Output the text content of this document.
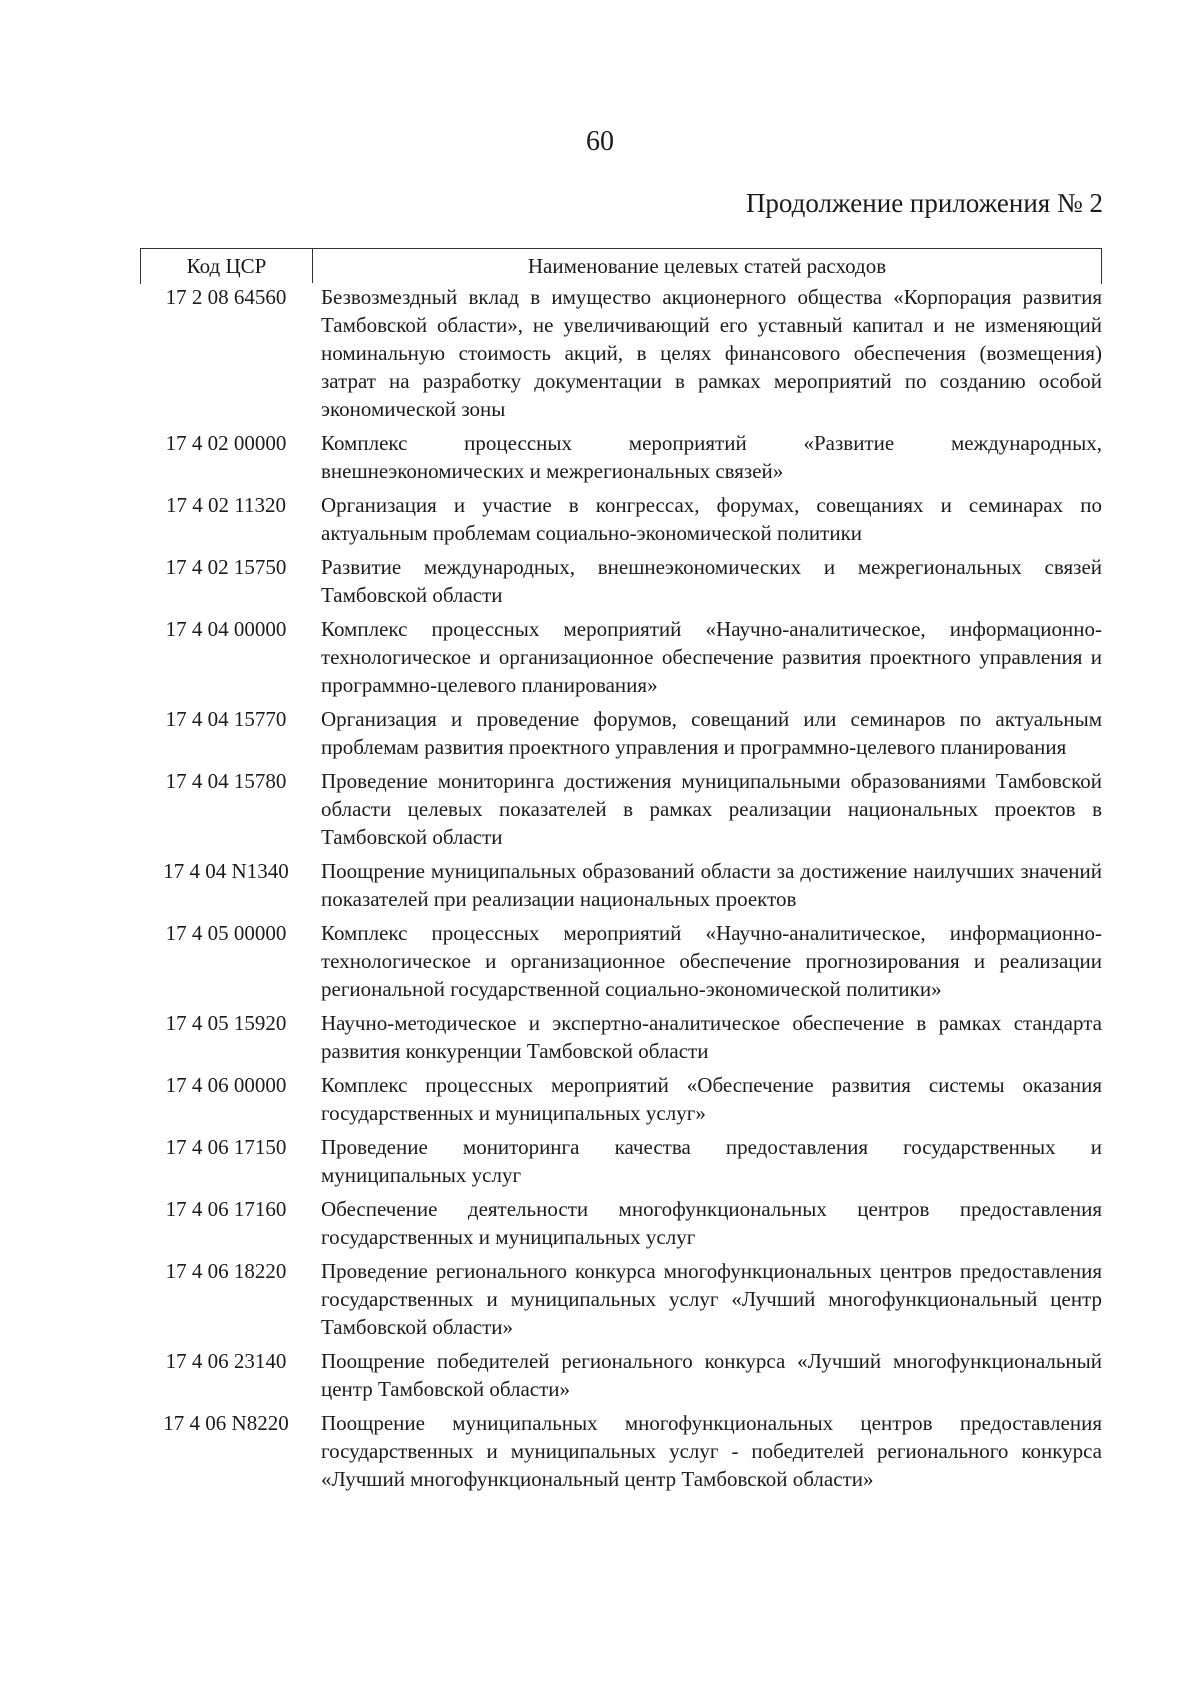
60
Продолжение приложения № 2
Код ЦСР	Наименование целевых статей расходов
17 2 08 64560	Безвозмездный вклад в имущество акционерного общества «Корпорация развития Тамбовской области», не увеличивающий его уставный капитал и не изменяющий номинальную стоимость акций, в целях финансового обеспечения (возмещения) затрат на разработку документации в рамках мероприятий по созданию особой экономической зоны
17 4 02 00000	Комплекс процессных мероприятий «Развитие международных, внешнеэкономических и межрегиональных связей»
17 4 02 11320	Организация и участие в конгрессах, форумах, совещаниях и семинарах по актуальным проблемам социально-экономической политики
17 4 02 15750	Развитие международных, внешнеэкономических и межрегиональных связей Тамбовской области
17 4 04 00000	Комплекс процессных мероприятий «Научно-аналитическое, информационно-технологическое и организационное обеспечение развития проектного управления и программно-целевого планирования»
17 4 04 15770	Организация и проведение форумов, совещаний или семинаров по актуальным проблемам развития проектного управления и программно-целевого планирования
17 4 04 15780	Проведение мониторинга достижения муниципальными образованиями Тамбовской области целевых показателей в рамках реализации национальных проектов в Тамбовской области
17 4 04 N1340	Поощрение муниципальных образований области за достижение наилучших значений показателей при реализации национальных проектов
17 4 05 00000	Комплекс процессных мероприятий «Научно-аналитическое, информационно-технологическое и организационное обеспечение прогнозирования и реализации региональной государственной социально-экономической политики»
17 4 05 15920	Научно-методическое и экспертно-аналитическое обеспечение в рамках стандарта развития конкуренции Тамбовской области
17 4 06 00000	Комплекс процессных мероприятий «Обеспечение развития системы оказания государственных и муниципальных услуг»
17 4 06 17150	Проведение мониторинга качества предоставления государственных и муниципальных услуг
17 4 06 17160	Обеспечение деятельности многофункциональных центров предоставления государственных и муниципальных услуг
17 4 06 18220	Проведение регионального конкурса многофункциональных центров предоставления государственных и муниципальных услуг «Лучший многофункциональный центр Тамбовской области»
17 4 06 23140	Поощрение победителей регионального конкурса «Лучший многофункциональный центр Тамбовской области»
17 4 06 N8220	Поощрение муниципальных многофункциональных центров предоставления государственных и муниципальных услуг - победителей регионального конкурса «Лучший многофункциональный центр Тамбовской области»
